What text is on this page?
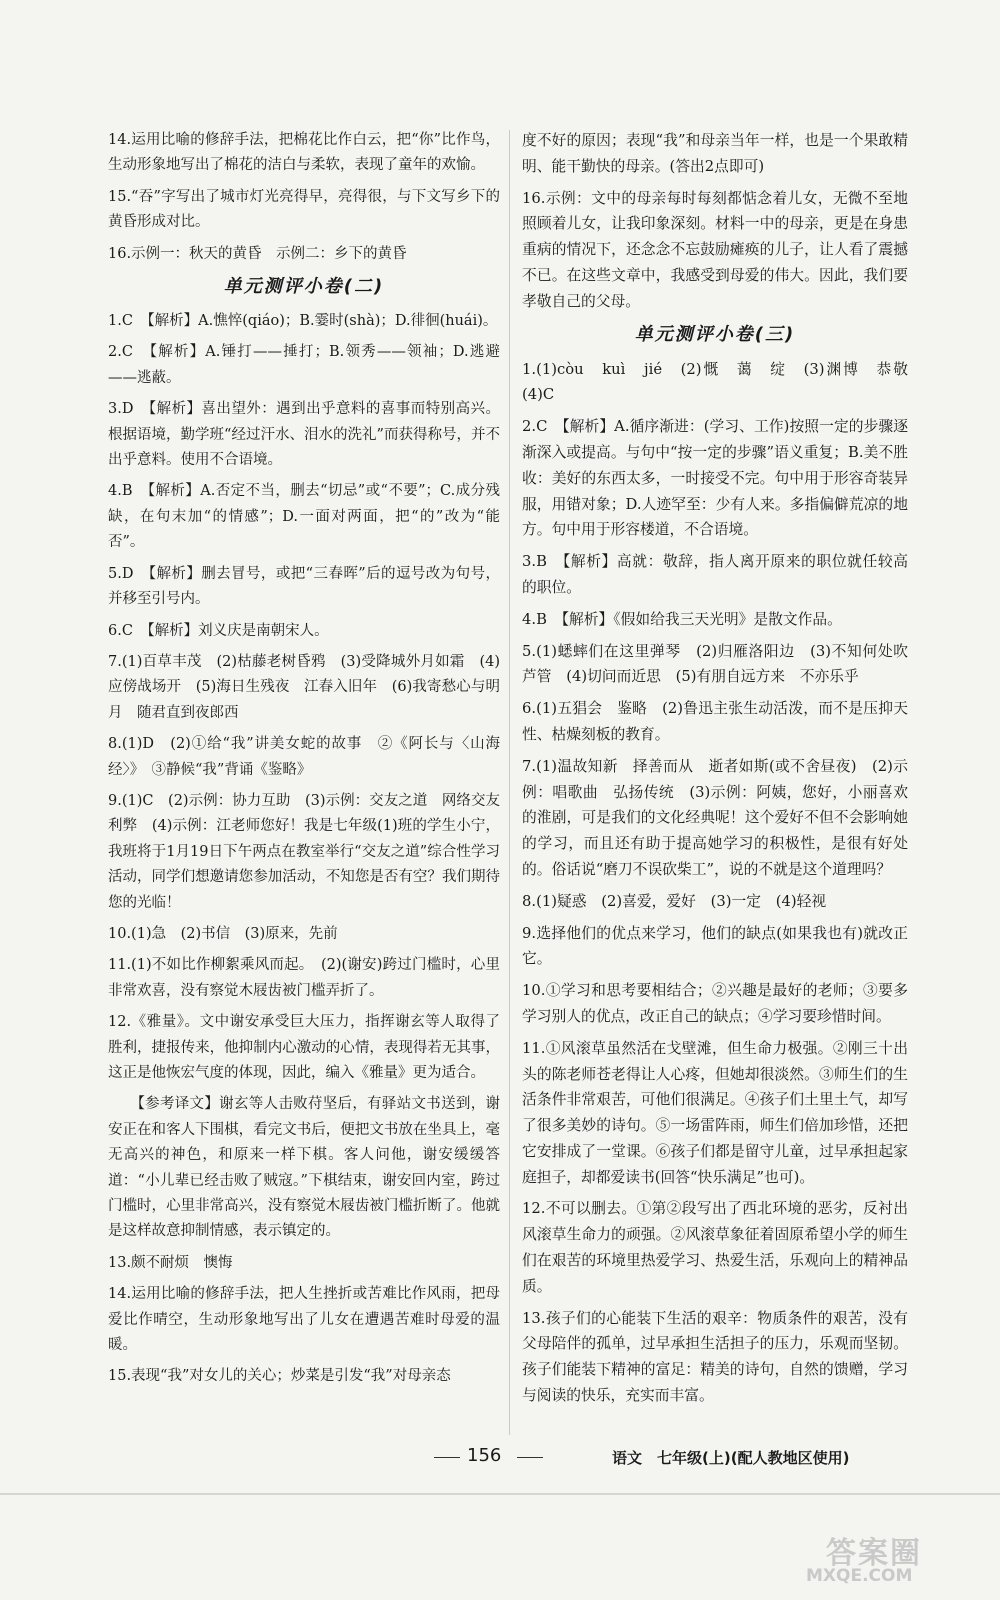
14.运用比喻的修辞手法，把棉花比作白云，把“你”比作鸟，生动形象地写出了棉花的洁白与柔软，表现了童年的欢愉。
15.“吞”字写出了城市灯光亮得早，亮得很，与下文写乡下的黄昏形成对比。
16.示例一：秋天的黄昏　示例二：乡下的黄昏
单元测评小卷(二)
1.C　【解析】A.憔悴(qiáo)；B.霎时(shà)；D.徘徊(huái)。
2.C　【解析】A.锤打——捶打；B.领秀——领袖；D.逃避——逃蔽。
3.D　【解析】喜出望外：遇到出乎意料的喜事而特别高兴。根据语境，勤学班“经过汗水、泪水的洗礼”而获得称号，并不出乎意料。使用不合语境。
4.B　【解析】A.否定不当，删去“切忌”或“不要”；C.成分残缺，在句末加“的情感”；D.一面对两面，把“的”改为“能否”。
5.D　【解析】删去冒号，或把“三春晖”后的逗号改为句号，并移至引号内。
6.C　【解析】刘义庆是南朝宋人。
7.(1)百草丰茂　(2)枯藤老树昏鸦　(3)受降城外月如霜　(4)应傍战场开　(5)海日生残夜　江春入旧年　(6)我寄愁心与明月　随君直到夜郎西
8.(1)D　(2)①给“我”讲美女蛇的故事　②《阿长与〈山海经〉》　③静候“我”背诵《鉴略》
9.(1)C　(2)示例：协力互助　(3)示例：交友之道　网络交友利弊　(4)示例：江老师您好！我是七年级(1)班的学生小宁，我班将于1月19日下午两点在教室举行“交友之道”综合性学习活动，同学们想邀请您参加活动，不知您是否有空？我们期待您的光临！
10.(1)急　(2)书信　(3)原来，先前
11.(1)不如比作柳絮乘风而起。　(2)(谢安)跨过门槛时，心里非常欢喜，没有察觉木屐齿被门槛弄折了。
12.《雅量》。文中谢安承受巨大压力，指挥谢玄等人取得了胜利，捷报传来，他抑制内心激动的心情，表现得若无其事，这正是他恢宏气度的体现，因此，编入《雅量》更为适合。
　　【参考译文】谢玄等人击败苻坚后，有驿站文书送到，谢安正在和客人下围棋，看完文书后，便把文书放在坐具上，毫无高兴的神色，和原来一样下棋。客人问他，谢安缓缓答道：“小儿辈已经击败了贼寇。”下棋结束，谢安回内室，跨过门槛时，心里非常高兴，没有察觉木屐齿被门槛折断了。他就是这样故意抑制情感，表示镇定的。
13.颇不耐烦　懊悔
14.运用比喻的修辞手法，把人生挫折或苦难比作风雨，把母爱比作晴空，生动形象地写出了儿女在遭遇苦难时母爱的温暖。
15.表现“我”对女儿的关心；炒菜是引发“我”对母亲态
度不好的原因；表现“我”和母亲当年一样，也是一个果敢精明、能干勤快的母亲。(答出2点即可)
16.示例：文中的母亲每时每刻都惦念着儿女，无微不至地照顾着儿女，让我印象深刻。材料一中的母亲，更是在身患重病的情况下，还念念不忘鼓励瘫痪的儿子，让人看了震撼不已。在这些文章中，我感受到母爱的伟大。因此，我们要孝敬自己的父母。
单元测评小卷(三)
1.(1)còu　kuì　jié　(2)慨　蔼　绽　(3)渊博　恭敬　(4)C
2.C　【解析】A.循序渐进：(学习、工作)按照一定的步骤逐渐深入或提高。与句中“按一定的步骤”语义重复；B.美不胜收：美好的东西太多，一时接受不完。句中用于形容奇装异服，用错对象；D.人迹罕至：少有人来。多指偏僻荒凉的地方。句中用于形容楼道，不合语境。
3.B　【解析】高就：敬辞，指人离开原来的职位就任较高的职位。
4.B　【解析】《假如给我三天光明》是散文作品。
5.(1)蟋蟀们在这里弹琴　(2)归雁洛阳边　(3)不知何处吹芦管　(4)切问而近思　(5)有朋自远方来　不亦乐乎
6.(1)五猖会　鉴略　(2)鲁迅主张生动活泼，而不是压抑天性、枯燥刻板的教育。
7.(1)温故知新　择善而从　逝者如斯(或不舍昼夜)　(2)示例：唱歌曲　弘扬传统　(3)示例：阿姨，您好，小丽喜欢的淮剧，可是我们的文化经典呢！这个爱好不但不会影响她的学习，而且还有助于提高她学习的积极性，是很有好处的。俗话说“磨刀不误砍柴工”，说的不就是这个道理吗？
8.(1)疑惑　(2)喜爱，爱好　(3)一定　(4)轻视
9.选择他们的优点来学习，他们的缺点(如果我也有)就改正它。
10.①学习和思考要相结合；②兴趣是最好的老师；③要多学习别人的优点，改正自己的缺点；④学习要珍惜时间。
11.①风滚草虽然活在戈壁滩，但生命力极强。②刚三十出头的陈老师苍老得让人心疼，但她却很淡然。③师生们的生活条件非常艰苦，可他们很满足。④孩子们土里土气，却写了很多美妙的诗句。⑤一场雷阵雨，师生们倍加珍惜，还把它安排成了一堂课。⑥孩子们都是留守儿童，过早承担起家庭担子，却都爱读书(回答“快乐满足”也可)。
12.不可以删去。①第②段写出了西北环境的恶劣，反衬出风滚草生命力的顽强。②风滚草象征着固原希望小学的师生们在艰苦的环境里热爱学习、热爱生活，乐观向上的精神品质。
13.孩子们的心能装下生活的艰辛：物质条件的艰苦，没有父母陪伴的孤单，过早承担生活担子的压力，乐观而坚韧。孩子们能装下精神的富足：精美的诗句，自然的馈赠，学习与阅读的快乐，充实而丰富。
156	语文　七年级(上)(配人教地区使用)
答案圈
MXQE.COM
